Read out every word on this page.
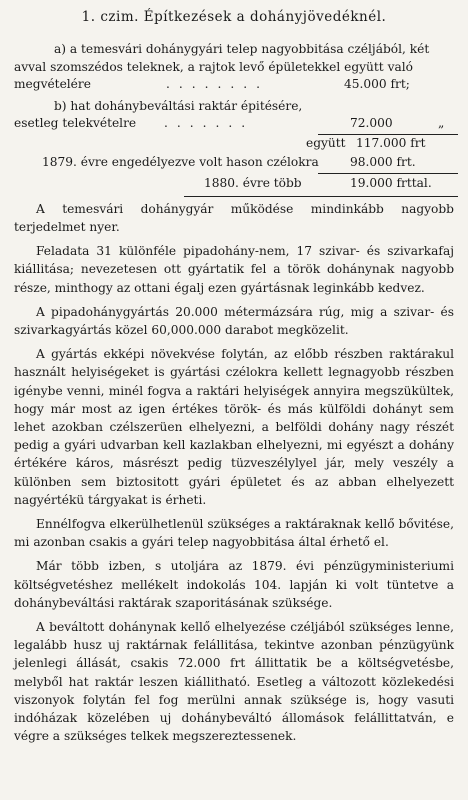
1. czim. Építkezések a dohányjövedéknél.
a) a temesvári dohánygyári telep nagyobbitása czéljából, két
avval szomszédos teleknek, a rajtok levő épületekkel együtt való
megvételére	........	45.000 frt;
b) hat dohánybeváltási raktár épitésére,
esetleg telekvételre .......	72.000	„
együtt 117.000 frt
1879. évre engedélyezve volt hason czélokra	98.000 frt.
1880. évre több	19.000 frttal.

A temesvári dohánygyár működése mindinkább nagyobb terjedelmet nyer.

Feladata 31 különféle pipadohány-nem, 17 szivar- és szivarkafaj kiállitása; nevezetesen ott gyártatik fel a török dohánynak nagyobb része, minthogy az ottani égalj ezen gyártásnak leginkább kedvez.

A pipadohánygyártás 20.000 métermázsára rúg, mig a szivar- és szivarkagyártás közel 60,000.000 darabot megközelit.

A gyártás ekképi növekvése folytán, az előbb részben raktárakul használt helyiségeket is gyártási czélokra kellett legnagyobb részben igénybe venni, minél fogva a raktári helyiségek annyira megszükültek, hogy már most az igen értékes török- és más külföldi dohányt sem lehet azokban czélszerüen elhelyezni, a belföldi dohány nagy részét pedig a gyári udvarban kell kazlakban elhelyezni, mi egyészt a dohány értékére káros, másrészt pedig tüzveszélylyel jár, mely veszély a különben sem biztositott gyári épületet és az abban elhelyezett nagyértékü tárgyakat is érheti.

Ennélfogva elkerülhetlenül szükséges a raktáraknak kellő bővitése, mi azonban csakis a gyári telep nagyobbitása által érhető el.

Már több izben, s utoljára az 1879. évi pénzügyministeriumi költségvetéshez mellékelt indokolás 104. lapján ki volt tüntetve a dohánybeváltási raktárak szaporitásának szüksége.

A beváltott dohánynak kellő elhelyezése czéljából szükséges lenne, legalább husz uj raktárnak felállitása, tekintve azonban pénzügyünk jelenlegi állását, csakis 72.000 frt állittatik be a költségvetésbe, melyből hat raktár leszen kiállitható. Esetleg a változott közlekedési viszonyok folytán fel fog merülni annak szüksége is, hogy vasuti indóházak közelében uj dohánybeváltó állomások felállittatván, e végre a szükséges telkek megszereztessenek.
